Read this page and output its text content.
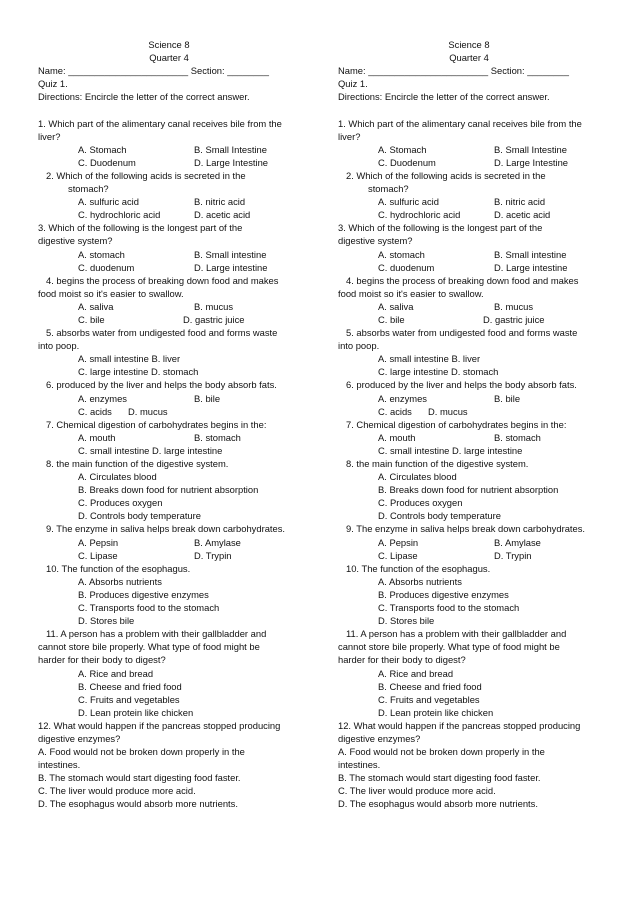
Science 8
Quarter 4
Name: _______________________ Section: ________
Quiz 1.
Directions: Encircle the letter of the correct answer.
1. Which part of the alimentary canal receives bile from the
liver?
A. Stomach	B. Small Intestine
C. Duodenum	D. Large Intestine
2. Which of the following acids is secreted in the
stomach?
A. sulfuric acid	B. nitric acid
C. hydrochloric acid	D. acetic acid
3. Which of the following is the longest part of the
digestive system?
A. stomach	B. Small intestine
C. duodenum	D. Large intestine
4. begins the process of breaking down food and makes
food moist so it's easier to swallow.
A. saliva	B. mucus
C. bile	D. gastric juice
5. absorbs water from undigested food and forms waste
into poop.
A. small intestine B. liver
C. large intestine D. stomach
6. produced by the liver and helps the body absorb fats.
A. enzymes	B. bile
C. acids D. mucus
7. Chemical digestion of carbohydrates begins in the:
A. mouth	B. stomach
C. small intestine D. large intestine
8. the main function of the digestive system.
A. Circulates blood
B. Breaks down food for nutrient absorption
C. Produces oxygen
D. Controls body temperature
9. The enzyme in saliva helps break down carbohydrates.
A. Pepsin	B. Amylase
C. Lipase	D. Trypin
10. The function of the esophagus.
A. Absorbs nutrients
B. Produces digestive enzymes
C. Transports food to the stomach
D. Stores bile
11. A person has a problem with their gallbladder and
cannot store bile properly. What type of food might be
harder for their body to digest?
A. Rice and bread
B. Cheese and fried food
C. Fruits and vegetables
D. Lean protein like chicken
12. What would happen if the pancreas stopped producing
digestive enzymes?
A. Food would not be broken down properly in the
intestines.
B. The stomach would start digesting food faster.
C. The liver would produce more acid.
D. The esophagus would absorb more nutrients.
Science 8
Quarter 4
Name: _______________________ Section: ________
Quiz 1.
Directions: Encircle the letter of the correct answer.
1. Which part of the alimentary canal receives bile from the
liver?
A. Stomach	B. Small Intestine
C. Duodenum	D. Large Intestine
2. Which of the following acids is secreted in the
stomach?
A. sulfuric acid	B. nitric acid
C. hydrochloric acid	D. acetic acid
3. Which of the following is the longest part of the
digestive system?
A. stomach	B. Small intestine
C. duodenum	D. Large intestine
4. begins the process of breaking down food and makes
food moist so it's easier to swallow.
A. saliva	B. mucus
C. bile	D. gastric juice
5. absorbs water from undigested food and forms waste
into poop.
A. small intestine B. liver
C. large intestine D. stomach
6. produced by the liver and helps the body absorb fats.
A. enzymes	B. bile
C. acids D. mucus
7. Chemical digestion of carbohydrates begins in the:
A. mouth	B. stomach
C. small intestine D. large intestine
8. the main function of the digestive system.
A. Circulates blood
B. Breaks down food for nutrient absorption
C. Produces oxygen
D. Controls body temperature
9. The enzyme in saliva helps break down carbohydrates.
A. Pepsin	B. Amylase
C. Lipase	D. Trypin
10. The function of the esophagus.
A. Absorbs nutrients
B. Produces digestive enzymes
C. Transports food to the stomach
D. Stores bile
11. A person has a problem with their gallbladder and
cannot store bile properly. What type of food might be
harder for their body to digest?
A. Rice and bread
B. Cheese and fried food
C. Fruits and vegetables
D. Lean protein like chicken
12. What would happen if the pancreas stopped producing
digestive enzymes?
A. Food would not be broken down properly in the
intestines.
B. The stomach would start digesting food faster.
C. The liver would produce more acid.
D. The esophagus would absorb more nutrients.
